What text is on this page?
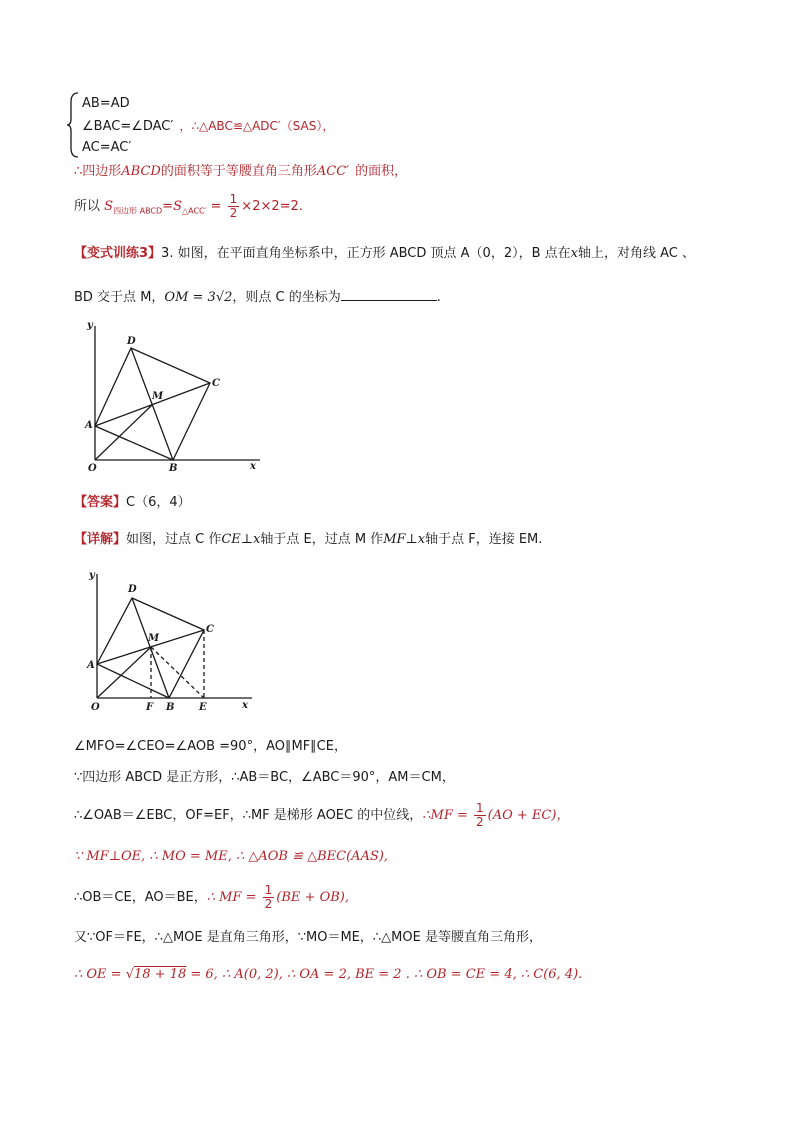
AB=AD
∠BAC=∠DAC′ ，∴△ABC≌△ADC′（SAS），
AC=AC′
∴四边形ABCD的面积等于等腰直角三角形ACC′ 的面积，
所以 $S_{四边形 ABCD}=S_{\triangle ACC'} = \frac{1}{2} \times 2\times 2=2$.
【变式训练3】3. 如图，在平面直角坐标系中，正方形 ABCD 顶点 A（0，2），B 点在x轴上，对角线 AC 、
BD 交于点 M，OM = 3√2，则点 C 的坐标为	.
y
D
C
M
A
O	B	x
【答案】C（6，4）
【详解】如图，过点 C 作CE⊥x轴于点 E，过点 M 作MF⊥x轴于点 F，连接 EM.
y
D
C
M
A
O	F B E	x
∠MFO=∠CEO=∠AOB =90°，AO∥MF∥CE，
∵四边形 ABCD 是正方形，∴AB＝BC，∠ABC＝90°，AM＝CM，
∴∠OAB＝∠EBC，OF=EF，∴MF 是梯形 AOEC 的中位线，∴MF = $\frac{1}{2} (AO + EC)$，
∵ MF⊥OE, ∴ MO = ME, ∴ △AOB ≌ △BEC(AAS),
∴OB＝CE，AO＝BE，∴ MF = $\frac{1}{2} (BE + OB)$,
又∵OF＝FE，∴△MOE 是直角三角形，∵MO＝ME，∴△MOE 是等腰直角三角形，
∴ OE = √18 + 18 = 6, ∴ A(0, 2), ∴ OA = 2, BE = 2 . ∴ OB = CE = 4, ∴ C(6, 4).
